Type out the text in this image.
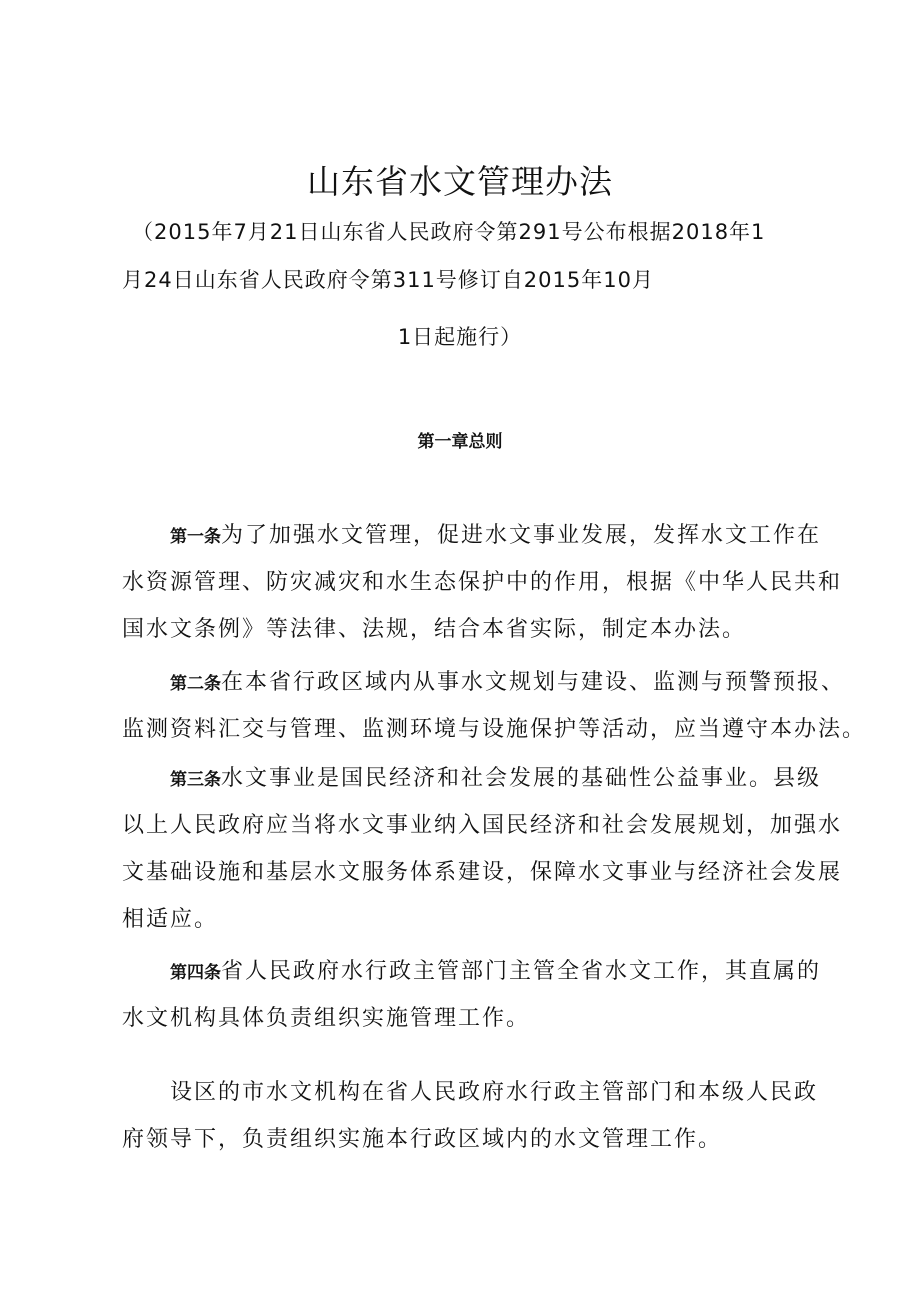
山东省水文管理办法
（2015年7月21日山东省人民政府令第291号公布根据2018年1
月24日山东省人民政府令第311号修订自2015年10月
1日起施行）
第一章总则
第一条为了加强水文管理，促进水文事业发展，发挥水文工作在
水资源管理、防灾减灾和水生态保护中的作用，根据《中华人民共和
国水文条例》等法律、法规，结合本省实际，制定本办法。
第二条在本省行政区域内从事水文规划与建设、监测与预警预报、
监测资料汇交与管理、监测环境与设施保护等活动，应当遵守本办法。
第三条水文事业是国民经济和社会发展的基础性公益事业。县级
以上人民政府应当将水文事业纳入国民经济和社会发展规划，加强水
文基础设施和基层水文服务体系建设，保障水文事业与经济社会发展
相适应。
第四条省人民政府水行政主管部门主管全省水文工作，其直属的
水文机构具体负责组织实施管理工作。
设区的市水文机构在省人民政府水行政主管部门和本级人民政
府领导下，负责组织实施本行政区域内的水文管理工作。
